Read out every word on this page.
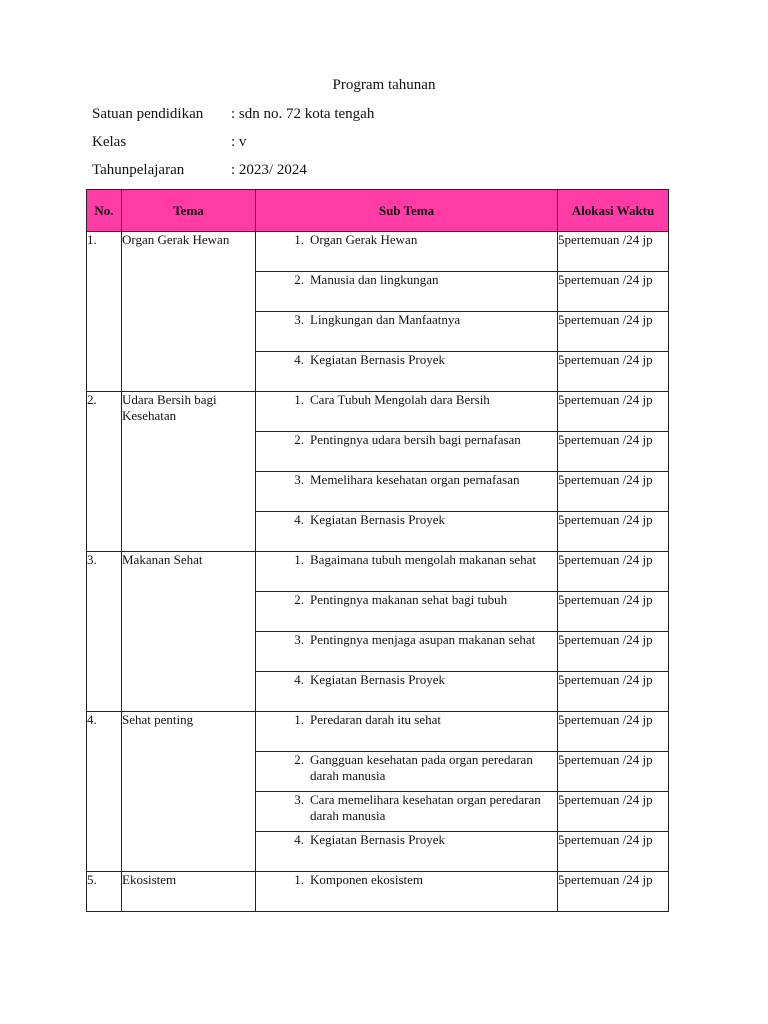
Program tahunan
Satuan pendidikan : sdn no. 72 kota tengah
Kelas	: v
Tahunpelajaran	: 2023/ 2024
No.	Tema	Sub Tema	Alokasi Waktu
1.	Organ Gerak Hewan	1. Organ Gerak Hewan	5pertemuan /24 jp

		2. Manusia dan lingkungan	5pertemuan /24 jp

		3. Lingkungan dan Manfaatnya	5pertemuan /24 jp

		4. Kegiatan Bernasis Proyek	5pertemuan /24 jp
2.	Udara Bersih bagi Kesehatan	1. Cara Tubuh Mengolah dara Bersih	5pertemuan /24 jp

		2. Pentingnya udara bersih bagi pernafasan	5pertemuan /24 jp

		3. Memelihara kesehatan organ pernafasan	5pertemuan /24 jp

		4. Kegiatan Bernasis Proyek	5pertemuan /24 jp
3.	Makanan Sehat	1. Bagaimana tubuh mengolah makanan sehat	5pertemuan /24 jp

		2. Pentingnya makanan sehat bagi tubuh	5pertemuan /24 jp

		3. Pentingnya menjaga asupan makanan sehat	5pertemuan /24 jp

		4. Kegiatan Bernasis Proyek	5pertemuan /24 jp
4.	Sehat penting	1. Peredaran darah itu sehat	5pertemuan /24 jp

		2. Gangguan kesehatan pada organ peredaran darah manusia	5pertemuan /24 jp

		3. Cara memelihara kesehatan organ peredaran darah manusia	5pertemuan /24 jp

		4. Kegiatan Bernasis Proyek	5pertemuan /24 jp
5.	Ekosistem	1. Komponen ekosistem	5pertemuan /24 jp
